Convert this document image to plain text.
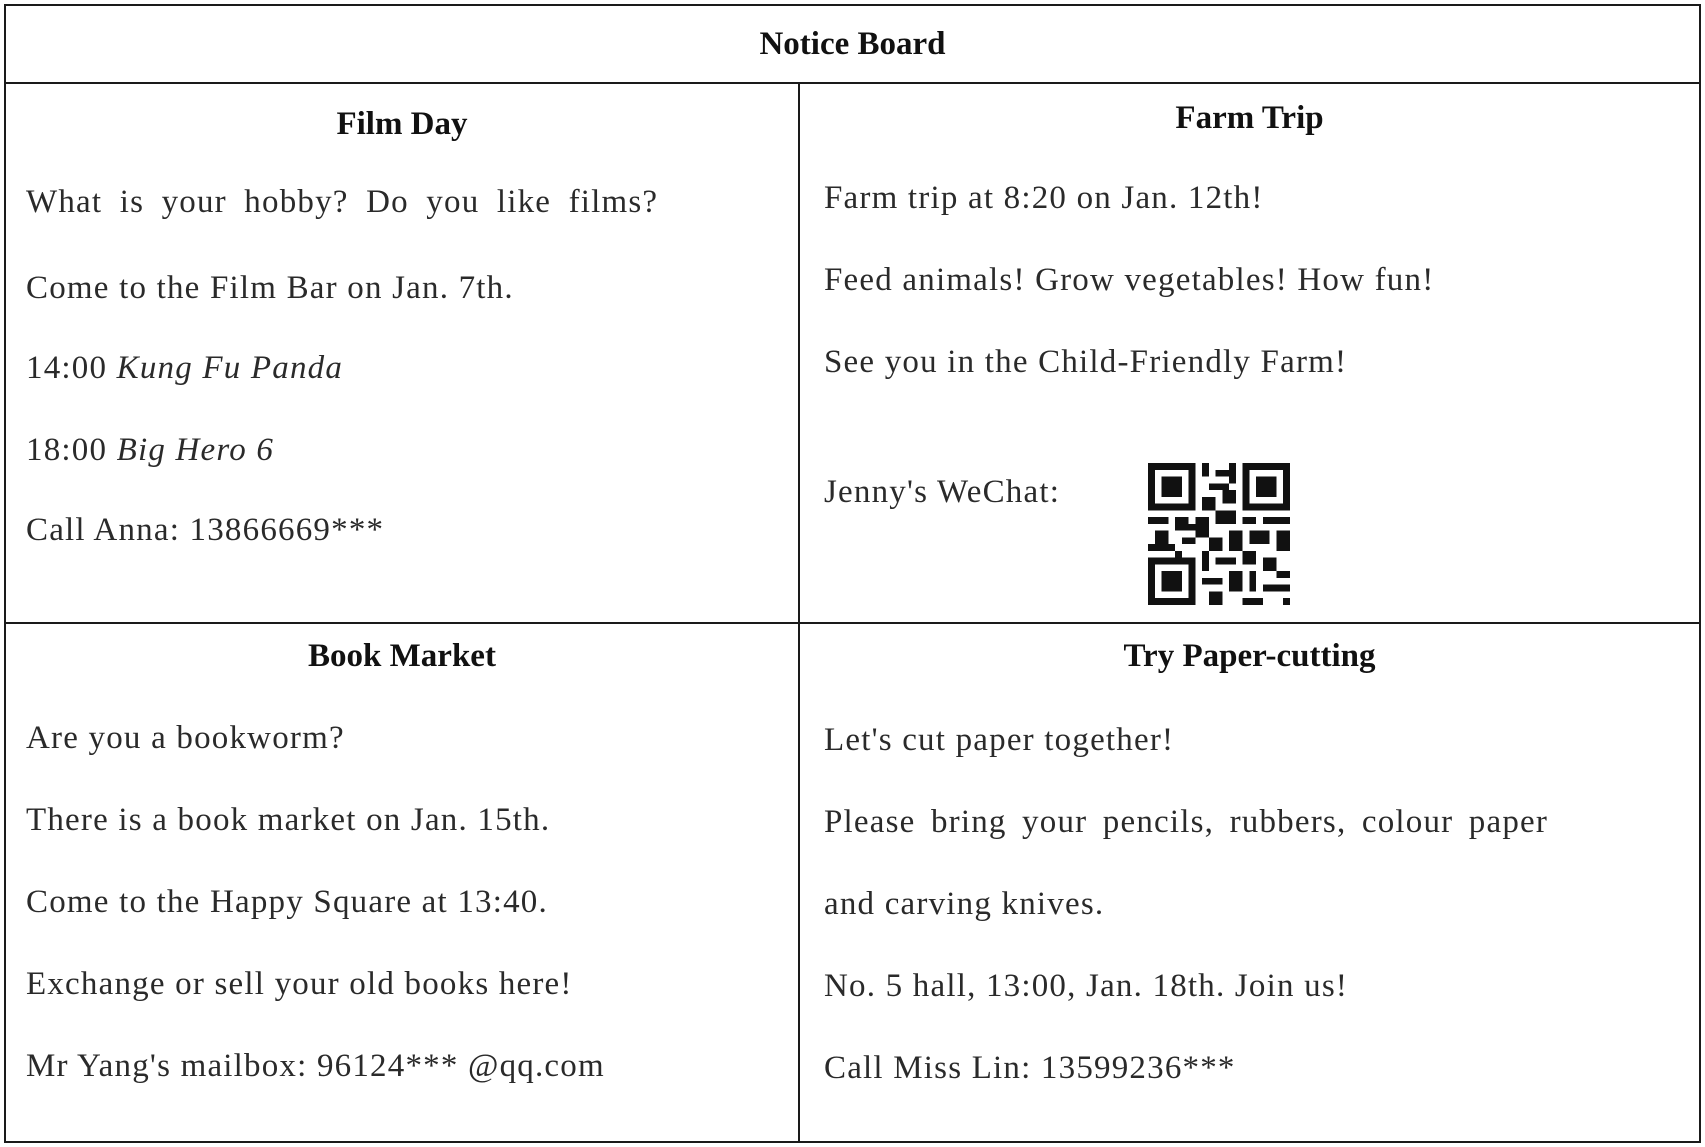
Notice Board
Film Day
What is your hobby? Do you like films?
Come to the Film Bar on Jan. 7th.
14:00 Kung Fu Panda
18:00 Big Hero 6
Call Anna: 13866669***
Farm Trip
Farm trip at 8:20 on Jan. 12th!
Feed animals! Grow vegetables! How fun!
See you in the Child-Friendly Farm!
Jenny's WeChat:
Book Market
Are you a bookworm?
There is a book market on Jan. 15th.
Come to the Happy Square at 13:40.
Exchange or sell your old books here!
Mr Yang's mailbox: 96124*** @qq.com
Try Paper-cutting
Let's cut paper together!
Please bring your pencils, rubbers, colour paper
and carving knives.
No. 5 hall, 13:00, Jan. 18th. Join us!
Call Miss Lin: 13599236***
